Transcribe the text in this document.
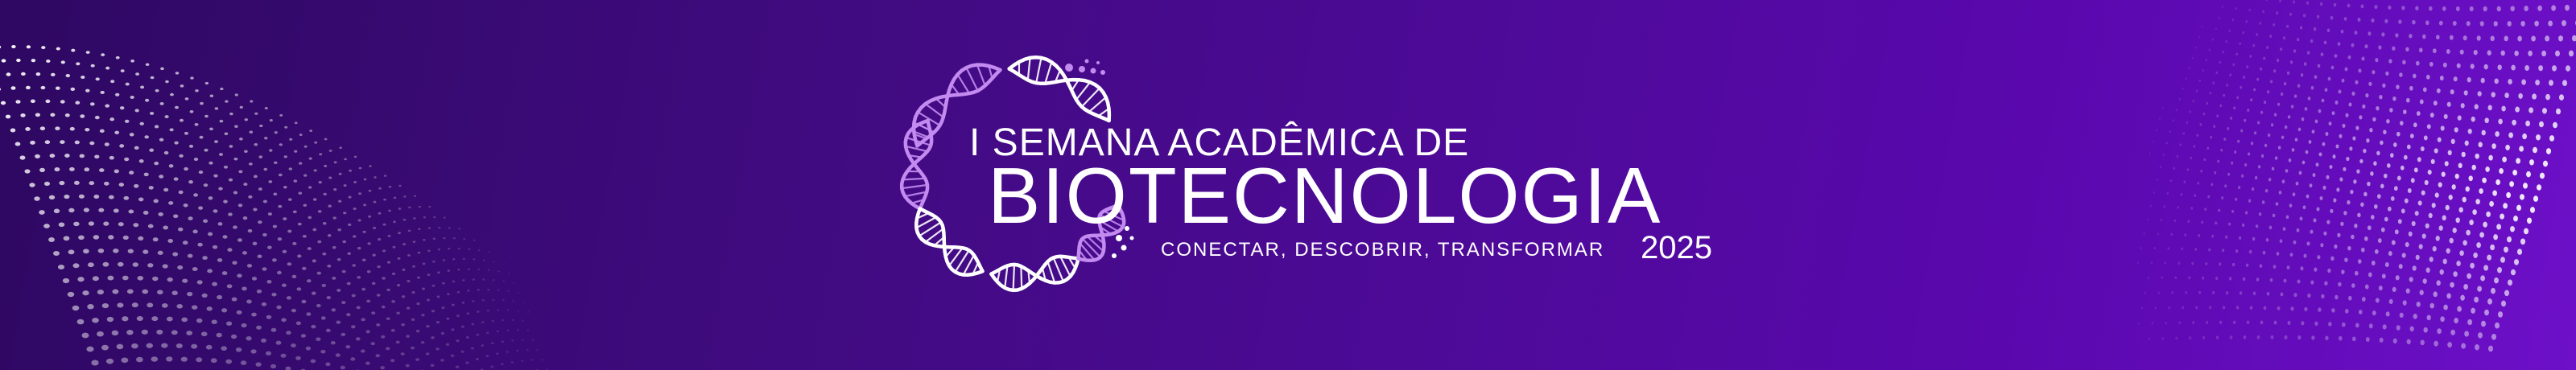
I SEMANA ACADÊMICA DE
BIOTECNOLOGIA
CONECTAR, DESCOBRIR, TRANSFORMAR 2025
